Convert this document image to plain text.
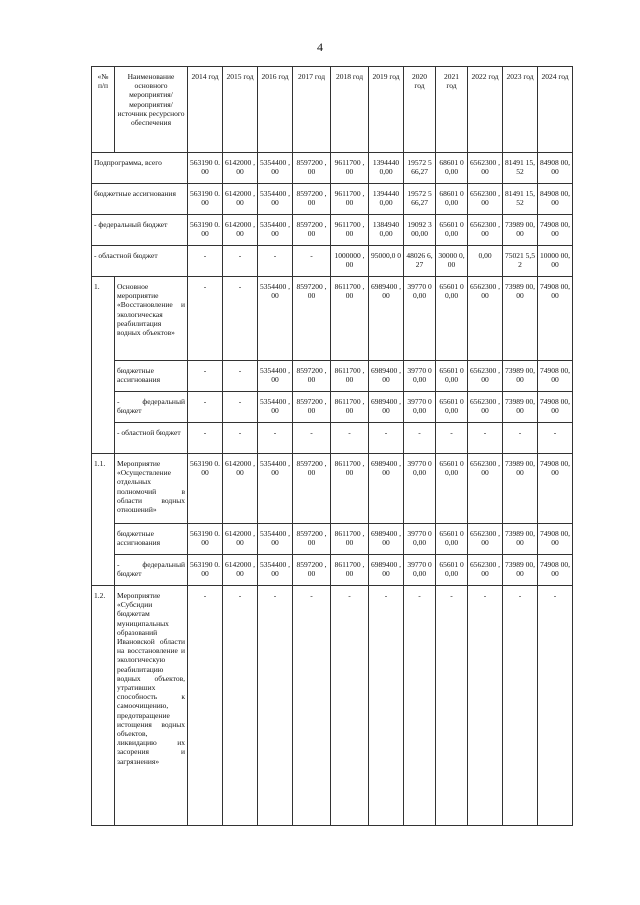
4
«№ п/п	Наименование основного мероприятия/ мероприятия/ источник ресурсного обеспечения	2014 год	2015 год	2016 год	2017 год	2018 год	2019 год	2020 год	2021 год	2022 год	2023 год	2024 год
Подпрограмма, всего		563190 0.00	6142000 ,00	5354400 ,00	8597200 ,00	9611700 ,00	1394440 0,00	19572 566,27	68601 00,00	6562300 ,00	81491 15,52	84908 00,00
бюджетные ассигнования		563190 0.00	6142000 ,00	5354400 ,00	8597200 ,00	9611700 ,00	1394440 0,00	19572 566,27	68601 00,00	6562300 ,00	81491 15,52	84908 00,00
- федеральный бюджет		563190 0.00	6142000 ,00	5354400 ,00	8597200 ,00	9611700 ,00	1384940 0,00	19092 300,00	65601 00,00	6562300 ,00	73989 00,00	74908 00,00
- областной бюджет		-	-	-	-	1000000 ,00	95000,0 0	48026 6,27	30000 0,00	0,00	75021 5,52	10000 00,00
1.	Основное мероприятие «Восстановление и экологическая реабилитация водных объектов»	-	-	5354400 ,00	8597200 ,00	8611700 ,00	6989400 ,00	39770 00,00	65601 00,00	6562300 ,00	73989 00,00	74908 00,00
	бюджетные ассигнования	-	-	5354400 ,00	8597200 ,00	8611700 ,00	6989400 ,00	39770 00,00	65601 00,00	6562300 ,00	73989 00,00	74908 00,00
	- федеральный бюджет	-	-	5354400 ,00	8597200 ,00	8611700 ,00	6989400 ,00	39770 00,00	65601 00,00	6562300 ,00	73989 00,00	74908 00,00
	- областной бюджет	-	-	-	-	-	-	-	-	-	-	-
1.1.	Мероприятие «Осуществление отдельных полномочий в области водных отношений»	563190 0.00	6142000 ,00	5354400 ,00	8597200 ,00	8611700 ,00	6989400 ,00	39770 00,00	65601 00,00	6562300 ,00	73989 00,00	74908 00,00
	бюджетные ассигнования	563190 0.00	6142000 ,00	5354400 ,00	8597200 ,00	8611700 ,00	6989400 ,00	39770 00,00	65601 00,00	6562300 ,00	73989 00,00	74908 00,00
	- федеральный бюджет	563190 0.00	6142000 ,00	5354400 ,00	8597200 ,00	8611700 ,00	6989400 ,00	39770 00,00	65601 00,00	6562300 ,00	73989 00,00	74908 00,00
1.2.	Мероприятие «Субсидии бюджетам муниципальных образований Ивановской области на восстановление и экологическую реабилитацию водных объектов, утративших способность к самоочищению, предотвращение истощения водных объектов, ликвидацию их засорения и загрязнения»	-	-	-	-	-	-	-	-	-	-	-
